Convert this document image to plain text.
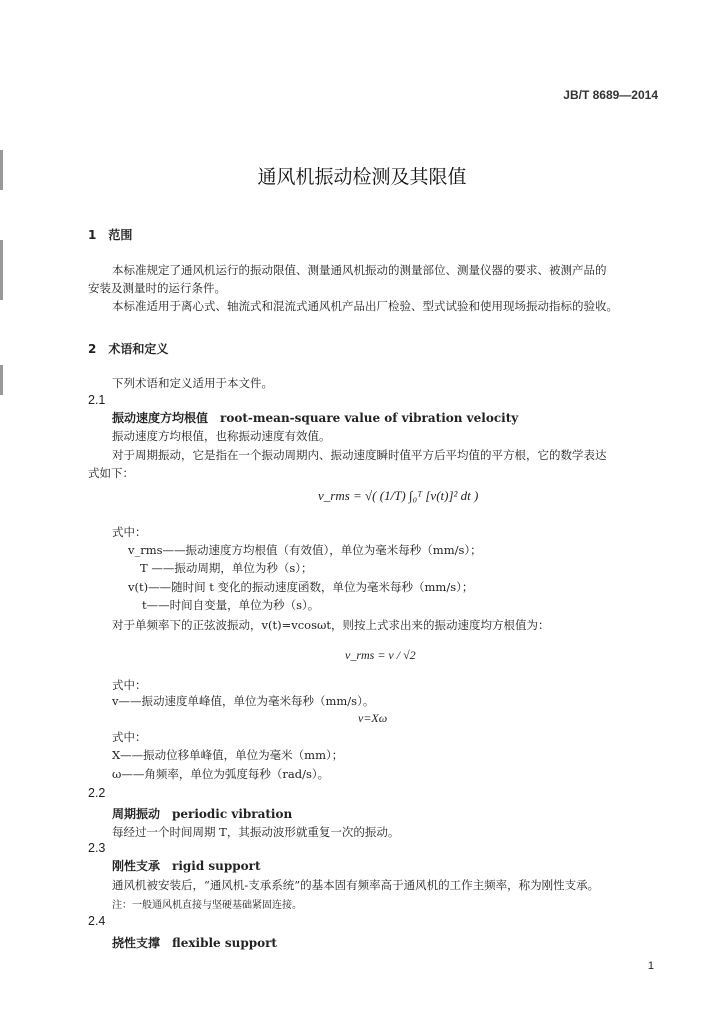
JB/T 8689—2014
通风机振动检测及其限值
1　范围
本标准规定了通风机运行的振动限值、测量通风机振动的测量部位、测量仪器的要求、被测产品的
安装及测量时的运行条件。
本标准适用于离心式、轴流式和混流式通风机产品出厂检验、型式试验和使用现场振动指标的验收。
2　术语和定义
下列术语和定义适用于本文件。
2.1
振动速度方均根值　root-mean-square value of vibration velocity
振动速度方均根值，也称振动速度有效值。
对于周期振动，它是指在一个振动周期内、振动速度瞬时值平方后平均值的平方根，它的数学表达
式如下：
v_rms = √( (1/T) ∫₀ᵀ [v(t)]² dt )
式中：
v_rms——振动速度方均根值（有效值），单位为毫米每秒（mm/s）；
T ——振动周期，单位为秒（s）；
v(t)——随时间 t 变化的振动速度函数，单位为毫米每秒（mm/s）；
t——时间自变量，单位为秒（s）。
对于单频率下的正弦波振动，v(t)=vcosωt，则按上式求出来的振动速度均方根值为：
v_rms = v / √2
式中：
v——振动速度单峰值，单位为毫米每秒（mm/s）。
v=Xω
式中：
X——振动位移单峰值，单位为毫米（mm）；
ω——角频率，单位为弧度每秒（rad/s）。
2.2
周期振动　periodic vibration
每经过一个时间周期 T，其振动波形就重复一次的振动。
2.3
刚性支承　rigid support
通风机被安装后，“通风机-支承系统”的基本固有频率高于通风机的工作主频率，称为刚性支承。
注：一般通风机直接与坚硬基础紧固连接。
2.4
挠性支撑　flexible support
1
